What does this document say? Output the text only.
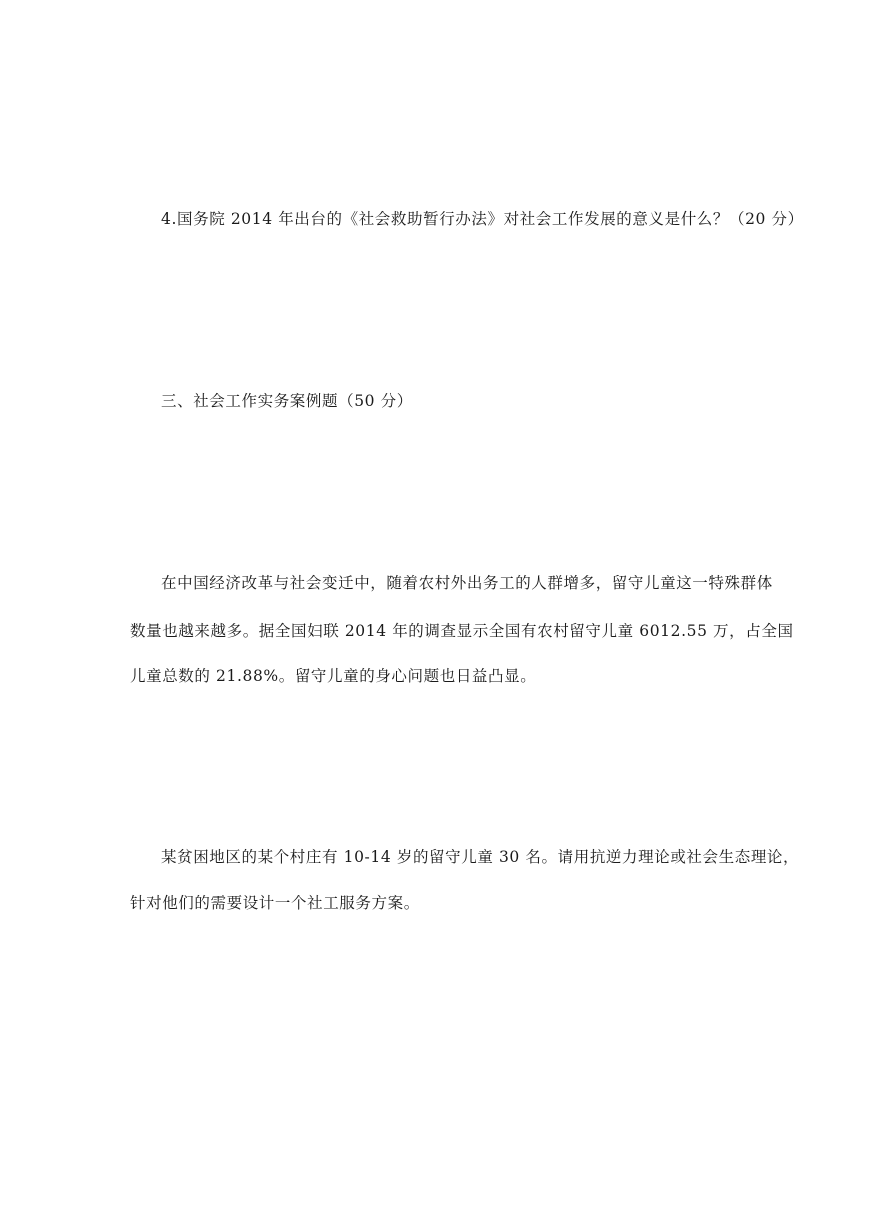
4.国务院 2014 年出台的《社会救助暂行办法》对社会工作发展的意义是什么？（20 分）
三、社会工作实务案例题（50 分）
在中国经济改革与社会变迁中，随着农村外出务工的人群增多，留守儿童这一特殊群体
数量也越来越多。据全国妇联 2014 年的调查显示全国有农村留守儿童 6012.55 万，占全国
儿童总数的 21.88%。留守儿童的身心问题也日益凸显。
某贫困地区的某个村庄有 10-14 岁的留守儿童 30 名。请用抗逆力理论或社会生态理论，
针对他们的需要设计一个社工服务方案。
